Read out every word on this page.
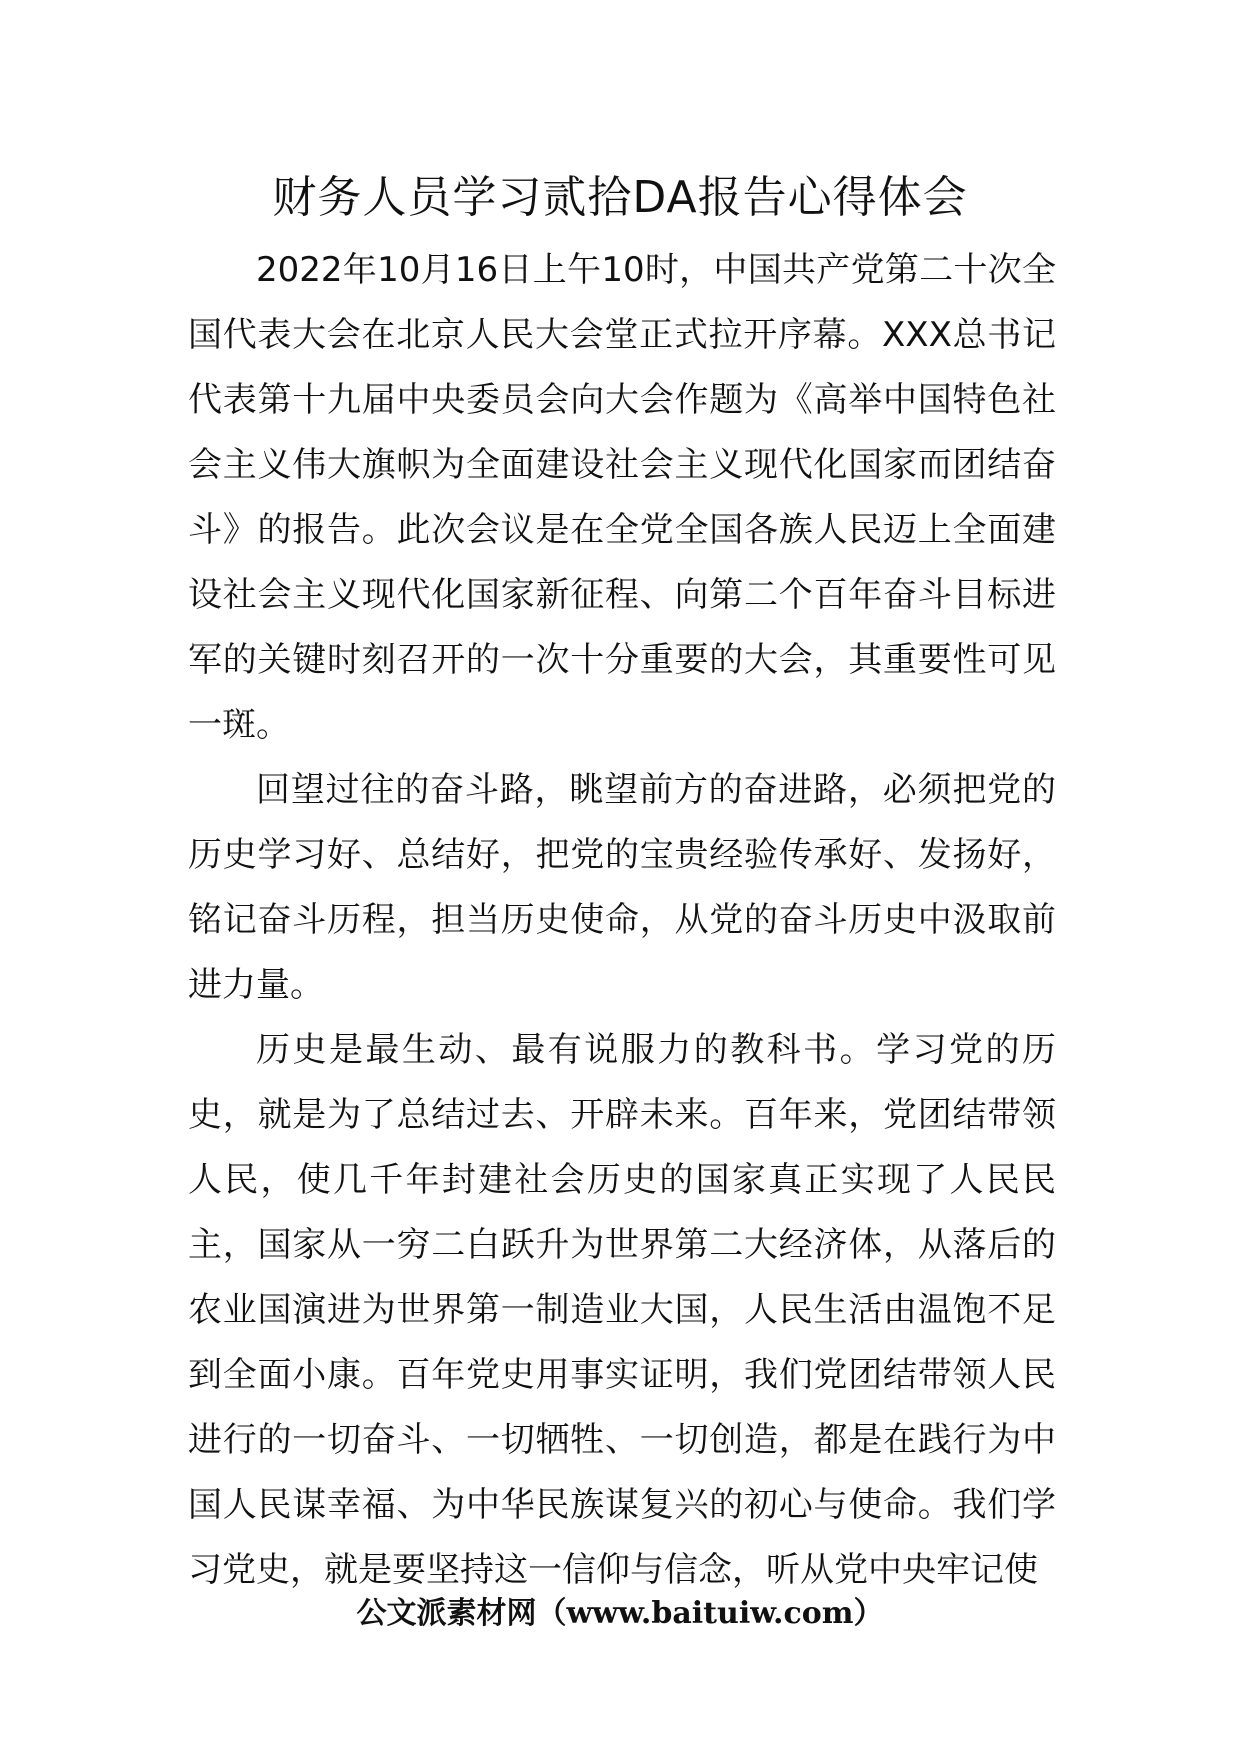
财务人员学习贰拾DA报告心得体会

2022年10月16日上午10时，中国共产党第二十次全国代表大会在北京人民大会堂正式拉开序幕。XXX总书记代表第十九届中央委员会向大会作题为《高举中国特色社会主义伟大旗帜为全面建设社会主义现代化国家而团结奋斗》的报告。此次会议是在全党全国各族人民迈上全面建设社会主义现代化国家新征程、向第二个百年奋斗目标进军的关键时刻召开的一次十分重要的大会，其重要性可见一斑。

回望过往的奋斗路，眺望前方的奋进路，必须把党的历史学习好、总结好，把党的宝贵经验传承好、发扬好，铭记奋斗历程，担当历史使命，从党的奋斗历史中汲取前进力量。

历史是最生动、最有说服力的教科书。学习党的历史，就是为了总结过去、开辟未来。百年来，党团结带领人民，使几千年封建社会历史的国家真正实现了人民民主，国家从一穷二白跃升为世界第二大经济体，从落后的农业国演进为世界第一制造业大国，人民生活由温饱不足到全面小康。百年党史用事实证明，我们党团结带领人民进行的一切奋斗、一切牺牲、一切创造，都是在践行为中国人民谋幸福、为中华民族谋复兴的初心与使命。我们学习党史，就是要坚持这一信仰与信念，听从党中央牢记使

公文派素材网（www.baituiw.com）
